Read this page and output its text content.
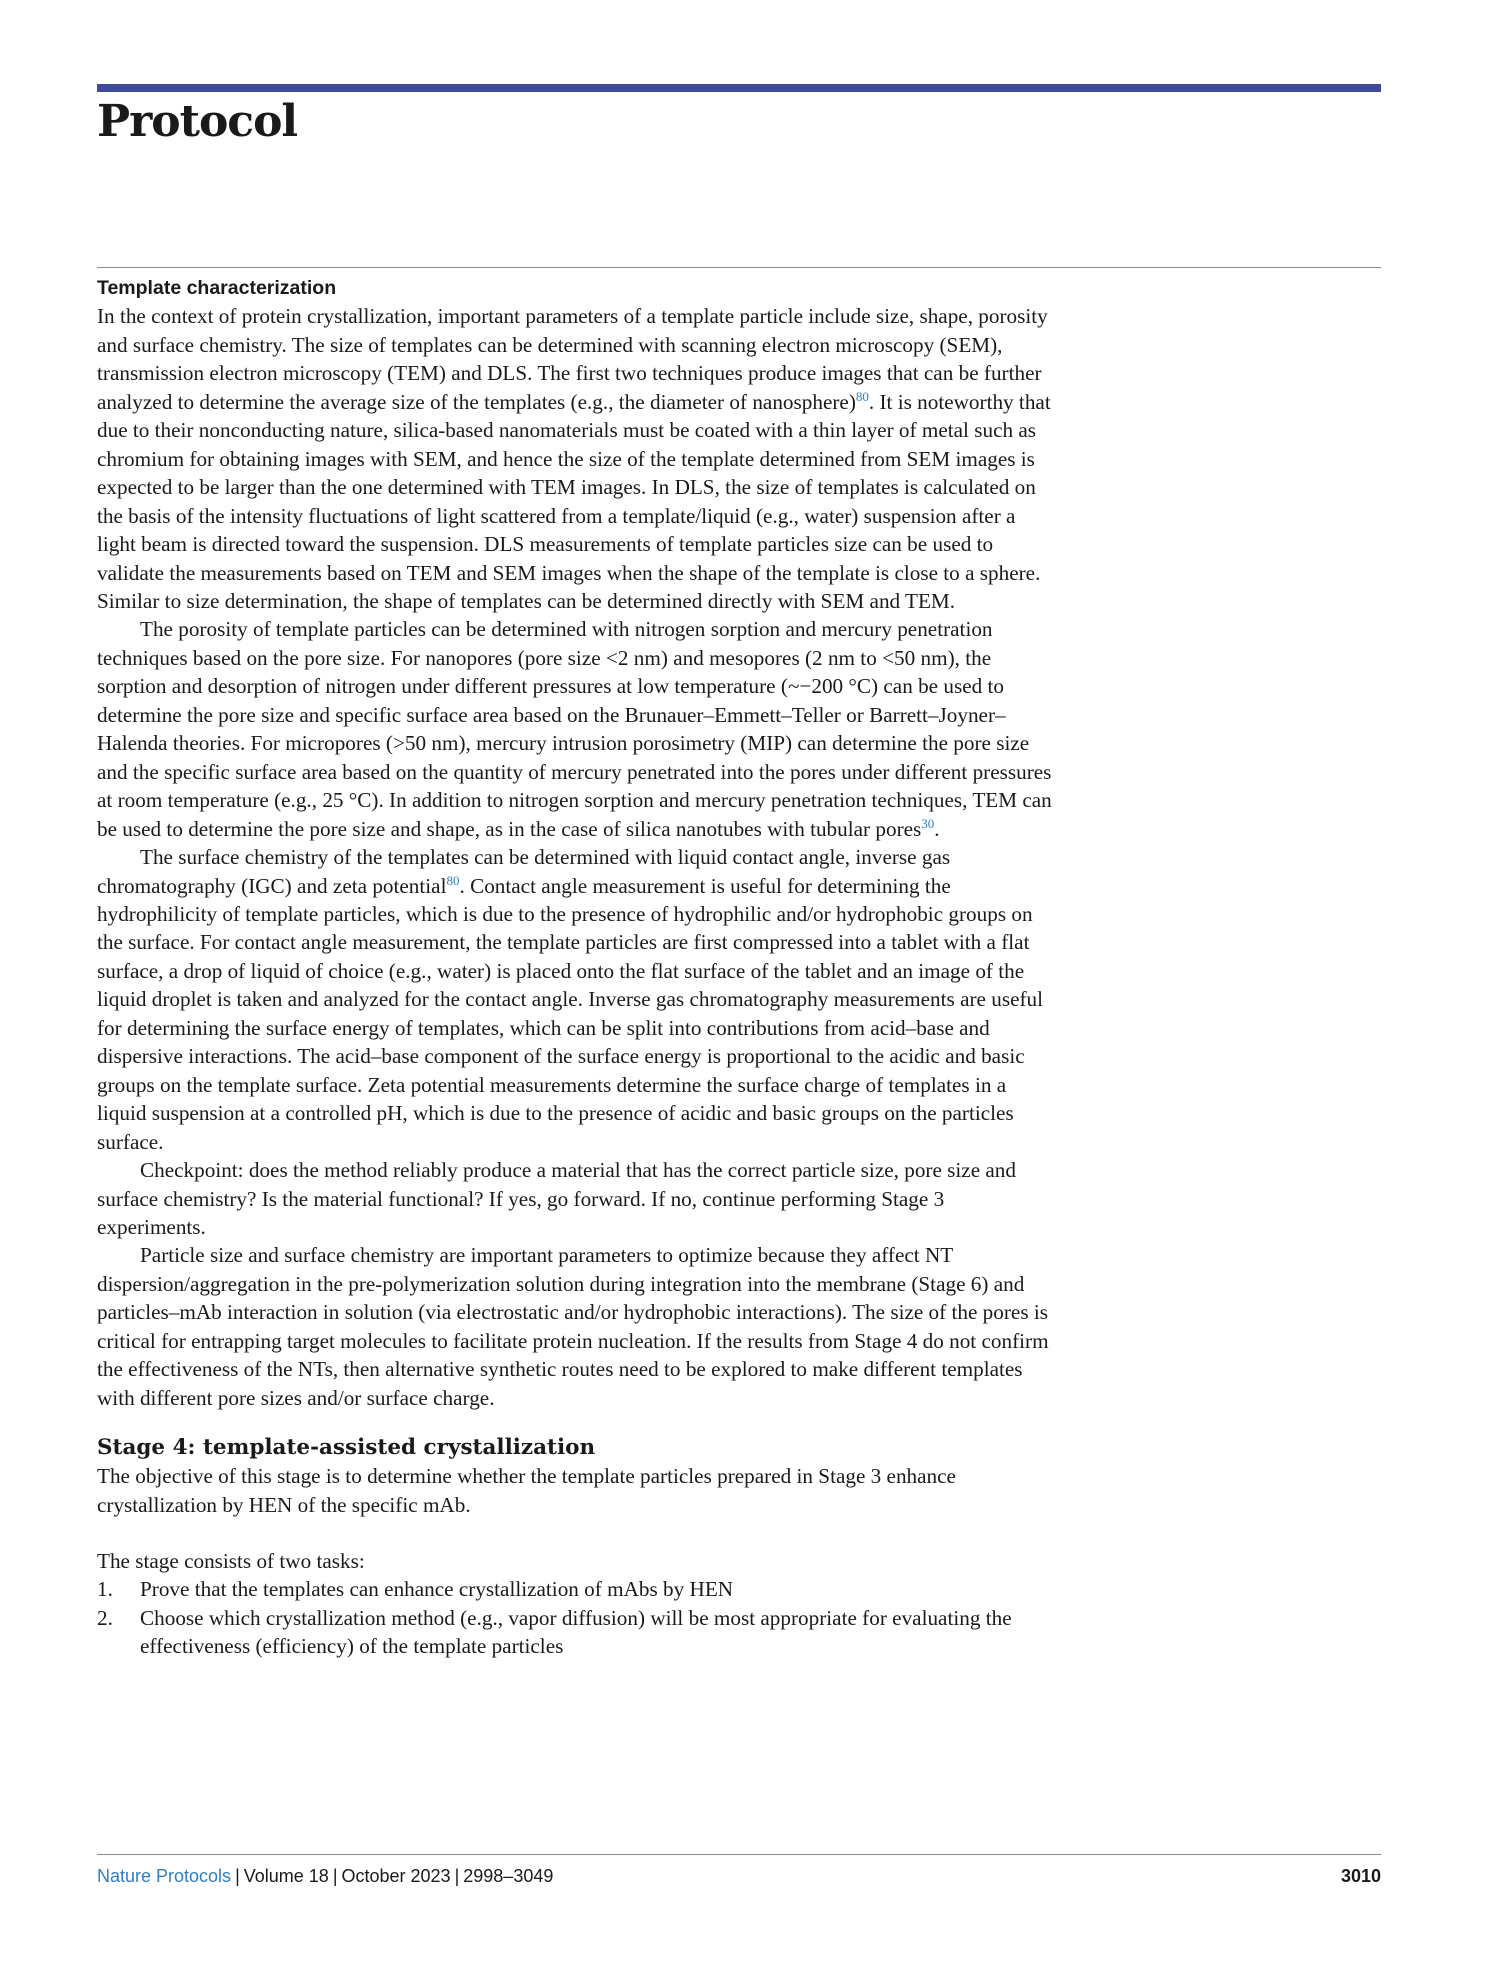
Protocol
Template characterization

In the context of protein crystallization, important parameters of a template particle include size, shape, porosity and surface chemistry. The size of templates can be determined with scanning electron microscopy (SEM), transmission electron microscopy (TEM) and DLS. The first two techniques produce images that can be further analyzed to determine the average size of the templates (e.g., the diameter of nanosphere)$^{80}$. It is noteworthy that due to their nonconducting nature, silica-based nanomaterials must be coated with a thin layer of metal such as chromium for obtaining images with SEM, and hence the size of the template determined from SEM images is expected to be larger than the one determined with TEM images. In DLS, the size of templates is calculated on the basis of the intensity fluctuations of light scattered from a template/liquid (e.g., water) suspension after a light beam is directed toward the suspension. DLS measurements of template particles size can be used to validate the measurements based on TEM and SEM images when the shape of the template is close to a sphere. Similar to size determination, the shape of templates can be determined directly with SEM and TEM.

The porosity of template particles can be determined with nitrogen sorption and mercury penetration techniques based on the pore size. For nanopores (pore size <2 nm) and mesopores (2 nm to <50 nm), the sorption and desorption of nitrogen under different pressures at low temperature (~−200 °C) can be used to determine the pore size and specific surface area based on the Brunauer–Emmett–Teller or Barrett–Joyner–Halenda theories. For micropores (>50 nm), mercury intrusion porosimetry (MIP) can determine the pore size and the specific surface area based on the quantity of mercury penetrated into the pores under different pressures at room temperature (e.g., 25 °C). In addition to nitrogen sorption and mercury penetration techniques, TEM can be used to determine the pore size and shape, as in the case of silica nanotubes with tubular pores$^{30}$.

The surface chemistry of the templates can be determined with liquid contact angle, inverse gas chromatography (IGC) and zeta potential$^{80}$. Contact angle measurement is useful for determining the hydrophilicity of template particles, which is due to the presence of hydrophilic and/or hydrophobic groups on the surface. For contact angle measurement, the template particles are first compressed into a tablet with a flat surface, a drop of liquid of choice (e.g., water) is placed onto the flat surface of the tablet and an image of the liquid droplet is taken and analyzed for the contact angle. Inverse gas chromatography measurements are useful for determining the surface energy of templates, which can be split into contributions from acid–base and dispersive interactions. The acid–base component of the surface energy is proportional to the acidic and basic groups on the template surface. Zeta potential measurements determine the surface charge of templates in a liquid suspension at a controlled pH, which is due to the presence of acidic and basic groups on the particles surface.

Checkpoint: does the method reliably produce a material that has the correct particle size, pore size and surface chemistry? Is the material functional? If yes, go forward. If no, continue performing Stage 3 experiments.

Particle size and surface chemistry are important parameters to optimize because they affect NT dispersion/aggregation in the pre-polymerization solution during integration into the membrane (Stage 6) and particles–mAb interaction in solution (via electrostatic and/or hydrophobic interactions). The size of the pores is critical for entrapping target molecules to facilitate protein nucleation. If the results from Stage 4 do not confirm the effectiveness of the NTs, then alternative synthetic routes need to be explored to make different templates with different pore sizes and/or surface charge.

Stage 4: template-assisted crystallization

The objective of this stage is to determine whether the template particles prepared in Stage 3 enhance crystallization by HEN of the specific mAb.

The stage consists of two tasks:

1.	Prove that the templates can enhance crystallization of mAbs by HEN
2.	Choose which crystallization method (e.g., vapor diffusion) will be most appropriate for evaluating the effectiveness (efficiency) of the template particles
Nature Protocols | Volume 18 | October 2023 | 2998–3049	3010
